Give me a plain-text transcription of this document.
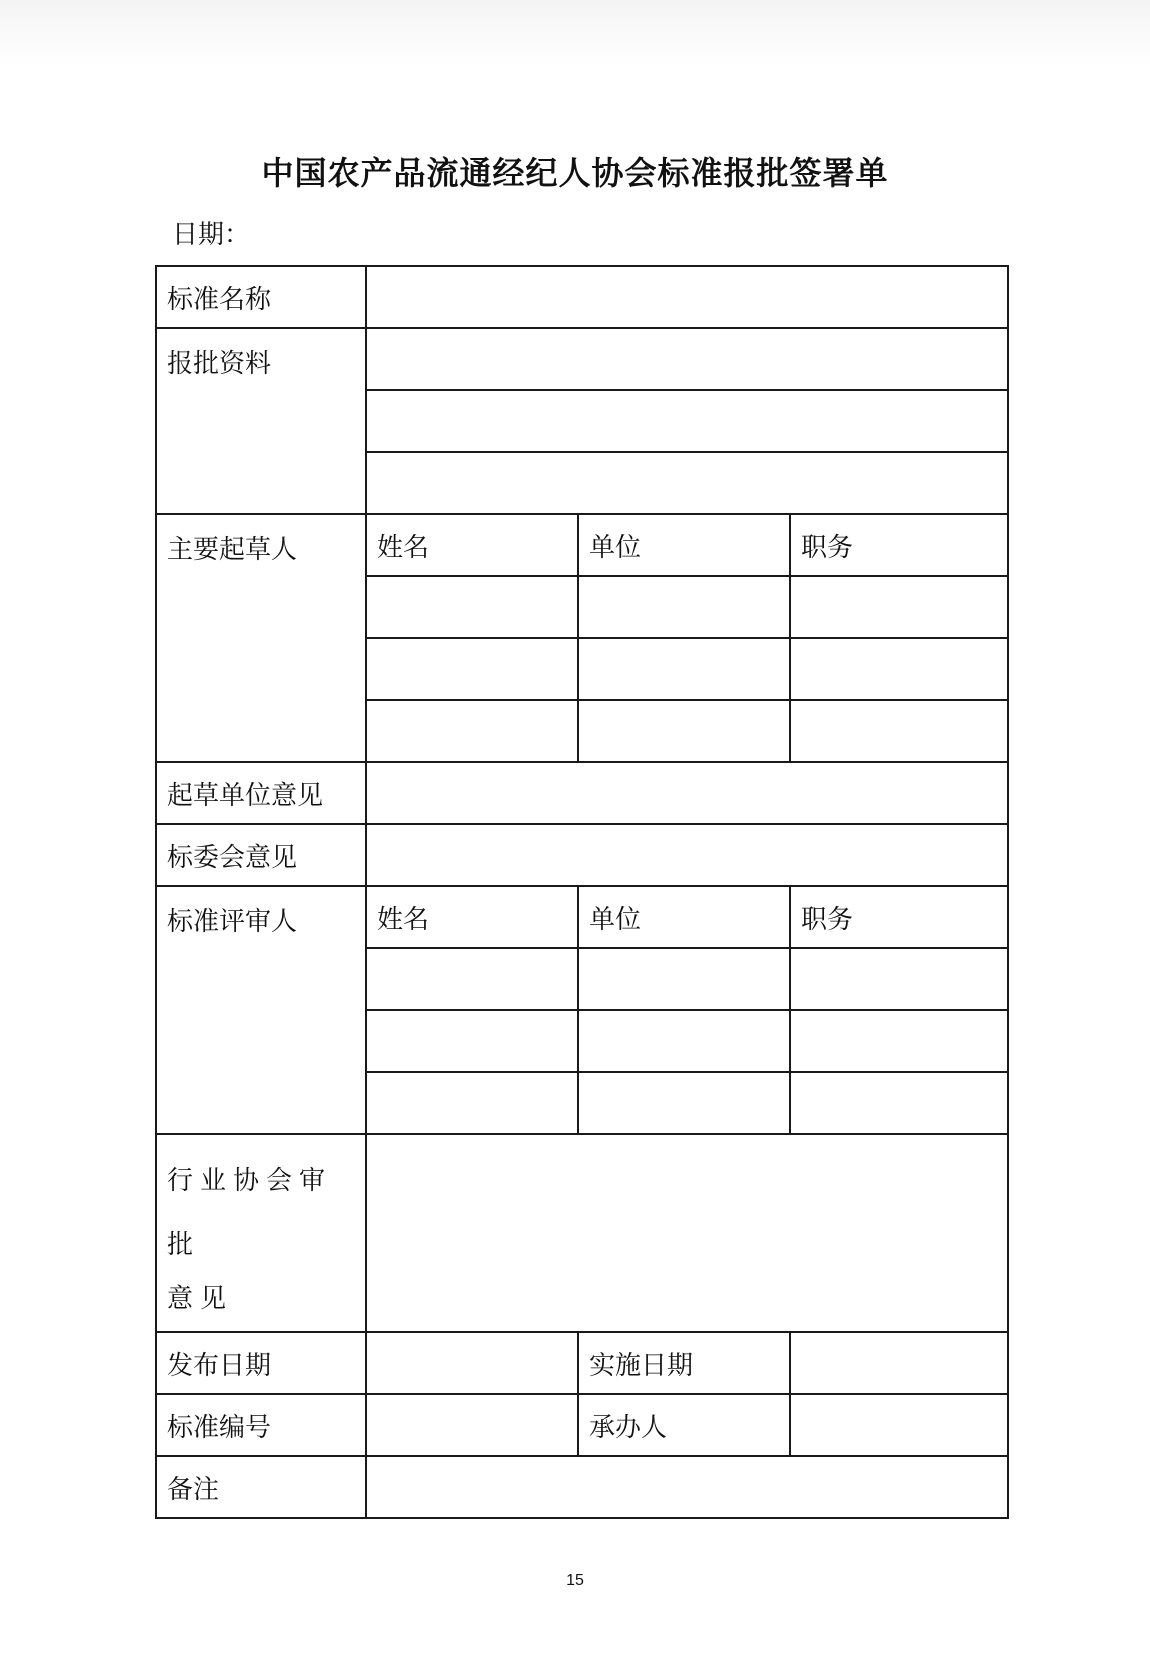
中国农产品流通经纪人协会标准报批签署单
日期：
标准名称			
报批资料			

主要起草人	姓名	单位	职务

起草单位意见			
标委会意见			
标准评审人	姓名	单位	职务

行业协会审批
意见			

发布日期		实施日期	
标准编号		承办人	
备注			
15
